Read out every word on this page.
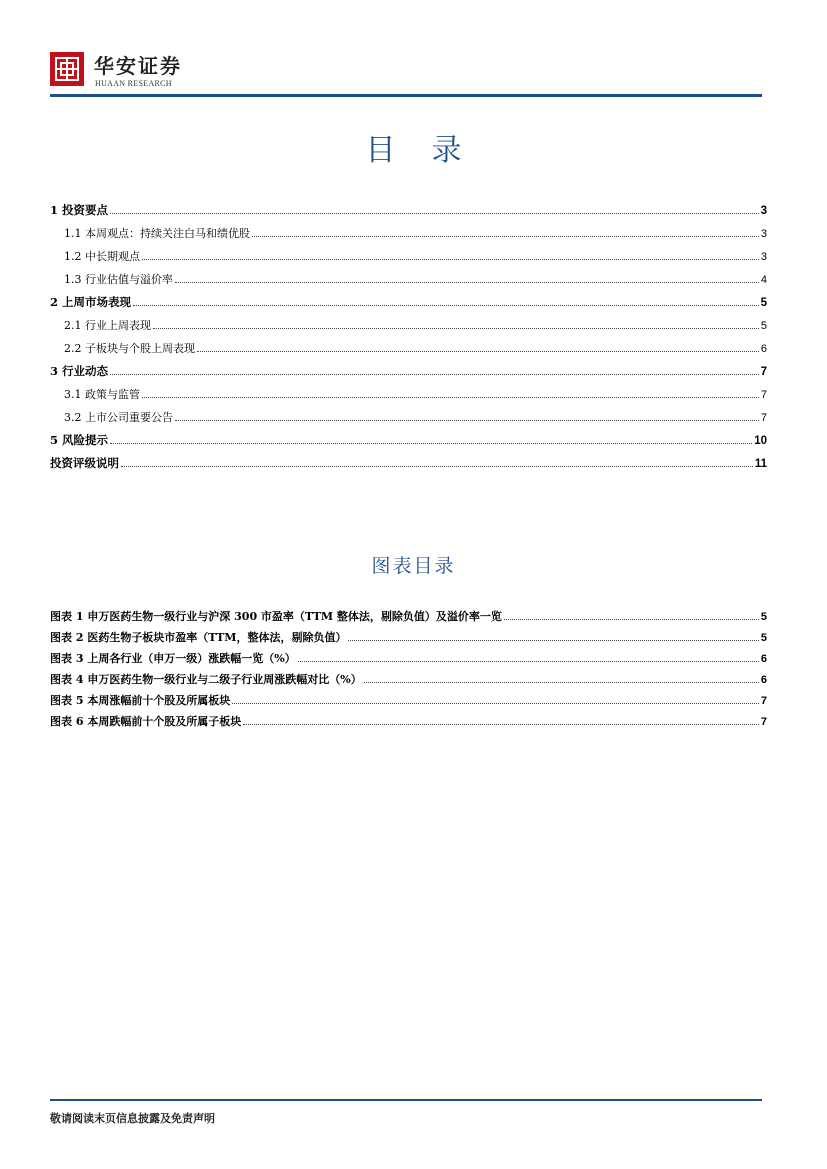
华安证券
HUAAN RESEARCH
目录
1 投资要点	3
1.1 本周观点：持续关注白马和绩优股	3
1.2 中长期观点	3
1.3 行业估值与溢价率	4
2 上周市场表现	5
2.1 行业上周表现	5
2.2 子板块与个股上周表现	6
3 行业动态	7
3.1 政策与监管	7
3.2 上市公司重要公告	7
5 风险提示	10
投资评级说明	11
图表目录
图表 1 申万医药生物一级行业与沪深 300 市盈率（TTM 整体法，剔除负值）及溢价率一览	5
图表 2 医药生物子板块市盈率（TTM，整体法，剔除负值）	5
图表 3 上周各行业（申万一级）涨跌幅一览（%）	6
图表 4 申万医药生物一级行业与二级子行业周涨跌幅对比（%）	6
图表 5 本周涨幅前十个股及所属板块	7
图表 6 本周跌幅前十个股及所属子板块	7
敬请阅读末页信息披露及免责声明
